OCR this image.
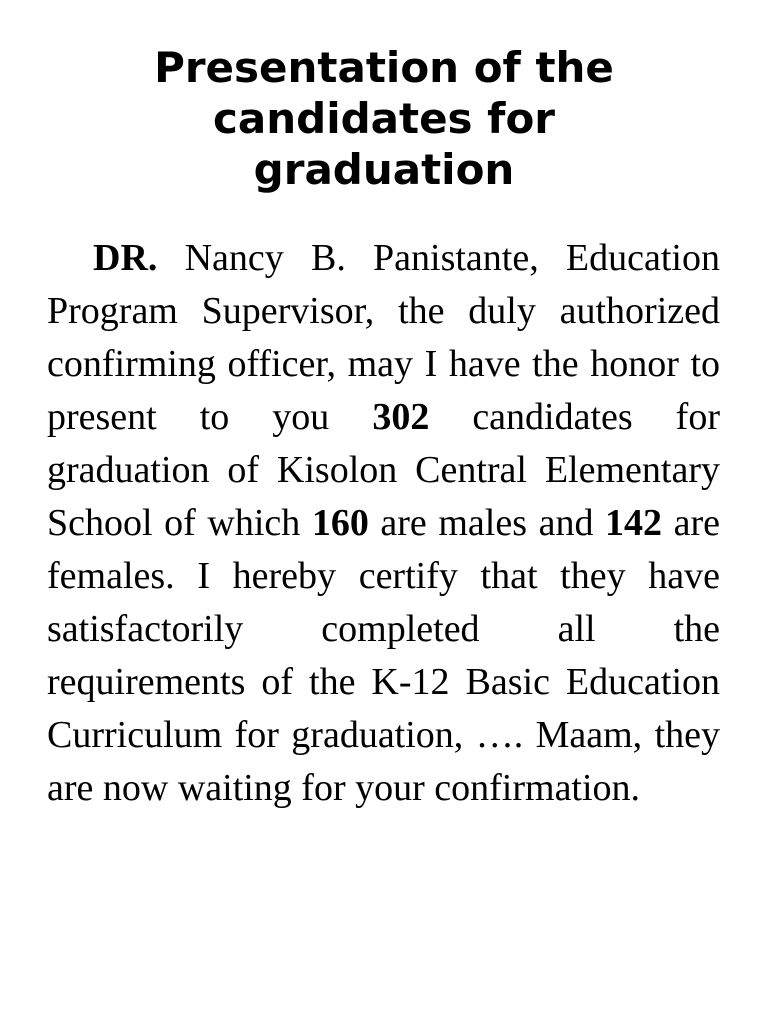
Presentation of the candidates for graduation

DR. Nancy B. Panistante, Education Program Supervisor, the duly authorized confirming officer, may I have the honor to present to you 302 candidates for graduation of Kisolon Central Elementary School of which 160 are males and 142 are females. I hereby certify that they have satisfactorily completed all the requirements of the K-12 Basic Education Curriculum for graduation, …. Maam, they are now waiting for your confirmation.
